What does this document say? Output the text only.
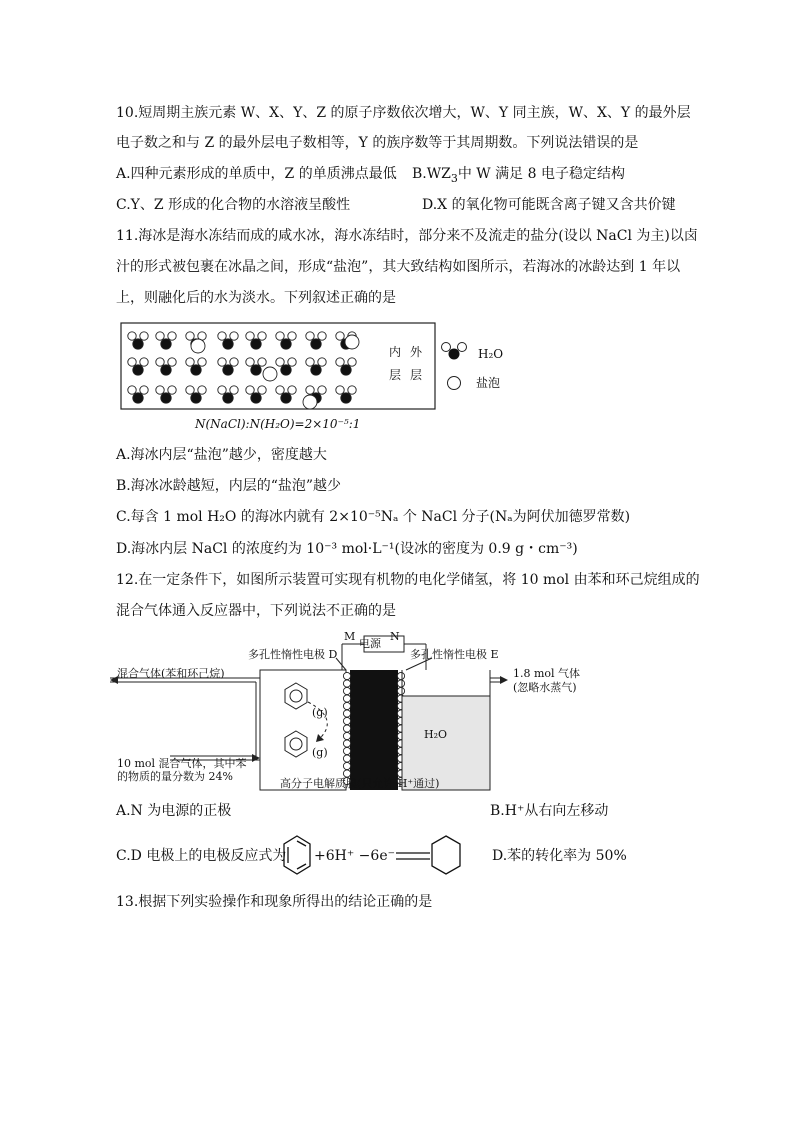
10.短周期主族元素 W、X、Y、Z 的原子序数依次增大，W、Y 同主族，W、X、Y 的最外层
电子数之和与 Z 的最外层电子数相等，Y 的族序数等于其周期数。下列说法错误的是
A.四种元素形成的单质中，Z 的单质沸点最低 $B.WZ_3$中 W 满足 8 电子稳定结构
C.Y、Z 形成的化合物的水溶液呈酸性	D.X 的氧化物可能既含离子键又含共价键
11.海冰是海水冻结而成的咸水冰，海水冻结时，部分来不及流走的盐分(设以 NaCl 为主)以卤
汁的形式被包裹在冰晶之间，形成“盐泡”，其大致结构如图所示，若海冰的冰龄达到 1 年以
上，则融化后的水为淡水。下列叙述正确的是
内
层
外
层
H₂O
盐泡
N(NaCl):N(H₂O)=2×10⁻⁵:1
A.海冰内层“盐泡”越少，密度越大
B.海冰冰龄越短，内层的“盐泡”越少
C.每含 1 mol H₂O 的海冰内就有 2×10⁻⁵Nₐ 个 NaCl 分子(Nₐ为阿伏加德罗常数)
D.海冰内层 NaCl 的浓度约为 10⁻³ mol·L⁻¹(设冰的密度为 0.9 g・cm⁻³)
12.在一定条件下，如图所示装置可实现有机物的电化学储氢，将 10 mol 由苯和环己烷组成的
混合气体通入反应器中，下列说法不正确的是
M	N
电源
多孔性惰性电极 D	多孔性惰性电极 E
混合气体(苯和环己烷)	1.8 mol 气体
(忽略水蒸气)
(g)
(g)
H₂O
10 mol 混合气体，其中苯
的物质的量分数为 24%
高分子电解质膜(只允许 H⁺通过)
A.N 为电源的正极	B.H⁺从右向左移动
C.D 电极上的电极反应式为 +6H⁺ −6e⁻	D.苯的转化率为 50%
13.根据下列实验操作和现象所得出的结论正确的是
